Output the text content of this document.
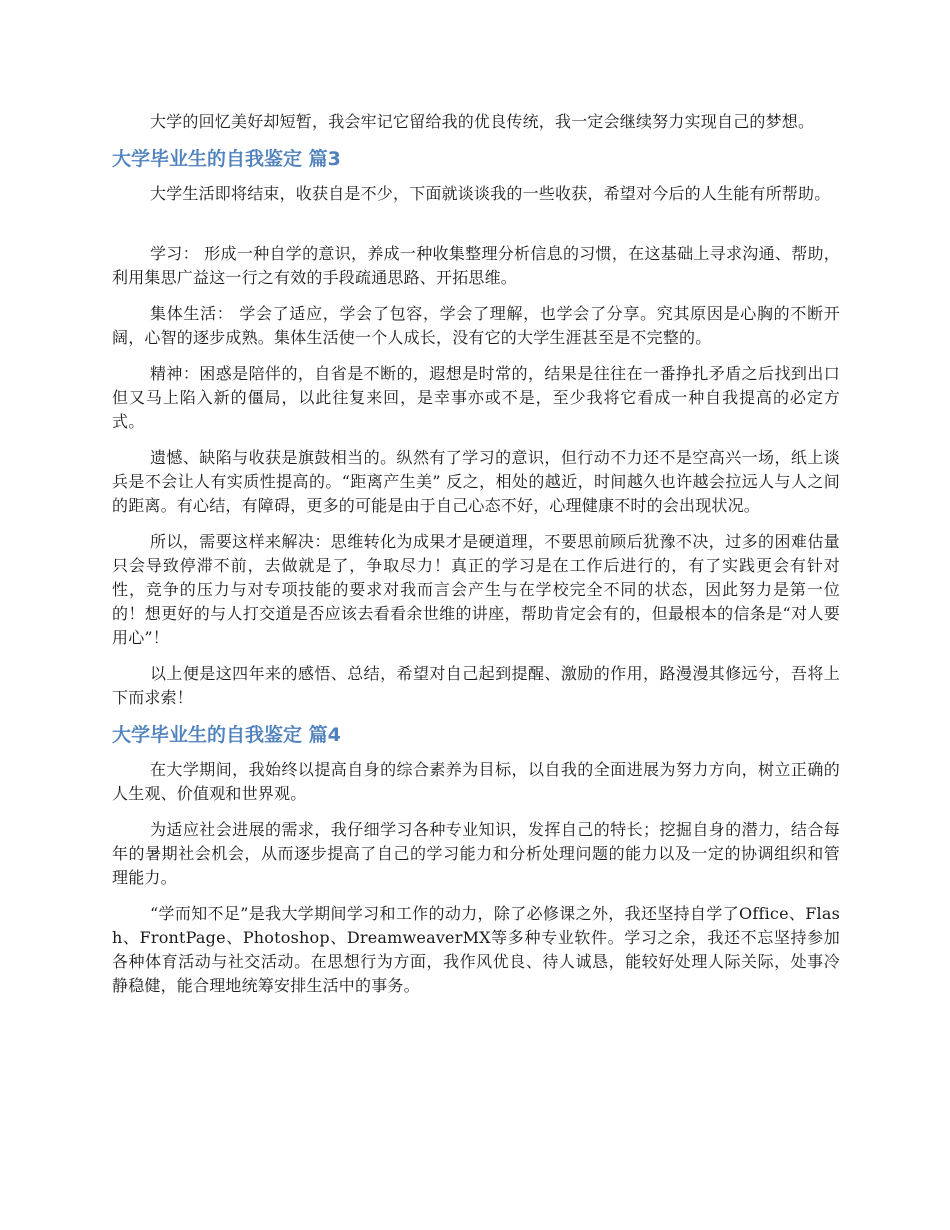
大学的回忆美好却短暂，我会牢记它留给我的优良传统，我一定会继续努力实现自己的梦想。

大学毕业生的自我鉴定 篇3

大学生活即将结束，收获自是不少，下面就谈谈我的一些收获，希望对今后的人生能有所帮助。

学习： 形成一种自学的意识，养成一种收集整理分析信息的习惯，在这基础上寻求沟通、帮助，利用集思广益这一行之有效的手段疏通思路、开拓思维。

集体生活： 学会了适应，学会了包容，学会了理解，也学会了分享。究其原因是心胸的不断开阔，心智的逐步成熟。集体生活使一个人成长，没有它的大学生涯甚至是不完整的。

精神：困惑是陪伴的，自省是不断的，遐想是时常的，结果是往往在一番挣扎矛盾之后找到出口但又马上陷入新的僵局，以此往复来回，是幸事亦或不是，至少我将它看成一种自我提高的必定方式。

遗憾、缺陷与收获是旗鼓相当的。纵然有了学习的意识，但行动不力还不是空高兴一场，纸上谈兵是不会让人有实质性提高的。“距离产生美” 反之，相处的越近，时间越久也许越会拉远人与人之间的距离。有心结，有障碍，更多的可能是由于自己心态不好，心理健康不时的会出现状况。

所以，需要这样来解决：思维转化为成果才是硬道理，不要思前顾后犹豫不决，过多的困难估量只会导致停滞不前，去做就是了，争取尽力！真正的学习是在工作后进行的，有了实践更会有针对性，竞争的压力与对专项技能的要求对我而言会产生与在学校完全不同的状态，因此努力是第一位的！想更好的与人打交道是否应该去看看余世维的讲座，帮助肯定会有的，但最根本的信条是“对人要用心”！

以上便是这四年来的感悟、总结，希望对自己起到提醒、激励的作用，路漫漫其修远兮，吾将上下而求索！

大学毕业生的自我鉴定 篇4

在大学期间，我始终以提高自身的综合素养为目标，以自我的全面进展为努力方向，树立正确的人生观、价值观和世界观。

为适应社会进展的需求，我仔细学习各种专业知识，发挥自己的特长；挖掘自身的潜力，结合每年的暑期社会机会，从而逐步提高了自己的学习能力和分析处理问题的能力以及一定的协调组织和管理能力。

“学而知不足”是我大学期间学习和工作的动力，除了必修课之外，我还坚持自学了Office、Flash、FrontPage、Photoshop、DreamweaverMX等多种专业软件。学习之余，我还不忘坚持参加各种体育活动与社交活动。在思想行为方面，我作风优良、待人诚恳，能较好处理人际关际，处事冷静稳健，能合理地统筹安排生活中的事务。
